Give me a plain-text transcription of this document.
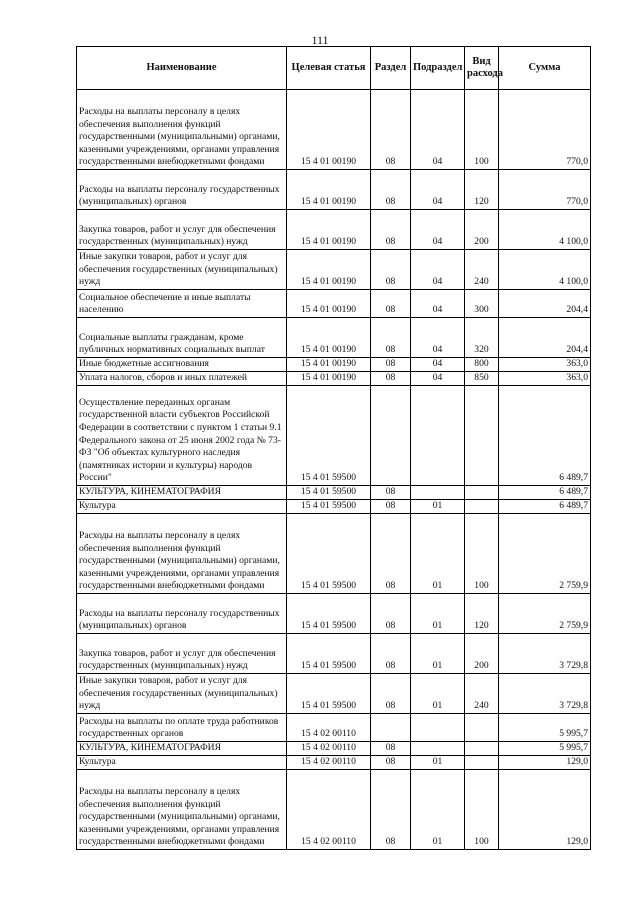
111
Наименование	Целевая статья	Раздел	Подраздел	Вид расхода	Сумма
Расходы на выплаты персоналу в целях обеспечения выполнения функций государственными (муниципальными) органами, казенными учреждениями, органами управления государственными внебюджетными фондами	15 4 01 00190	08	04	100	770,0
Расходы на выплаты персоналу государственных (муниципальных) органов	15 4 01 00190	08	04	120	770,0
Закупка товаров, работ и услуг для обеспечения государственных (муниципальных) нужд	15 4 01 00190	08	04	200	4 100,0
Иные закупки товаров, работ и услуг для обеспечения государственных (муниципальных) нужд	15 4 01 00190	08	04	240	4 100,0
Социальное обеспечение и иные выплаты населению	15 4 01 00190	08	04	300	204,4
Социальные выплаты гражданам, кроме публичных нормативных социальных выплат	15 4 01 00190	08	04	320	204,4
Иные бюджетные ассигнования	15 4 01 00190	08	04	800	363,0
Уплата налогов, сборов и иных платежей	15 4 01 00190	08	04	850	363,0
Осуществление переданных органам государственной власти субъектов Российской Федерации в соответствии с пунктом 1 статьи 9.1 Федерального закона от 25 июня 2002 года № 73-ФЗ "Об объектах культурного наследия (памятниках истории и культуры) народов России"	15 4 01 59500				6 489,7
КУЛЬТУРА, КИНЕМАТОГРАФИЯ	15 4 01 59500	08			6 489,7
Культура	15 4 01 59500	08	01		6 489,7
Расходы на выплаты персоналу в целях обеспечения выполнения функций государственными (муниципальными) органами, казенными учреждениями, органами управления государственными внебюджетными фондами	15 4 01 59500	08	01	100	2 759,9
Расходы на выплаты персоналу государственных (муниципальных) органов	15 4 01 59500	08	01	120	2 759,9
Закупка товаров, работ и услуг для обеспечения государственных (муниципальных) нужд	15 4 01 59500	08	01	200	3 729,8
Иные закупки товаров, работ и услуг для обеспечения государственных (муниципальных) нужд	15 4 01 59500	08	01	240	3 729,8
Расходы на выплаты по оплате труда работников государственных органов	15 4 02 00110				5 995,7
КУЛЬТУРА, КИНЕМАТОГРАФИЯ	15 4 02 00110	08			5 995,7
Культура	15 4 02 00110	08	01		129,0
Расходы на выплаты персоналу в целях обеспечения выполнения функций государственными (муниципальными) органами, казенными учреждениями, органами управления государственными внебюджетными фондами	15 4 02 00110	08	01	100	129,0
